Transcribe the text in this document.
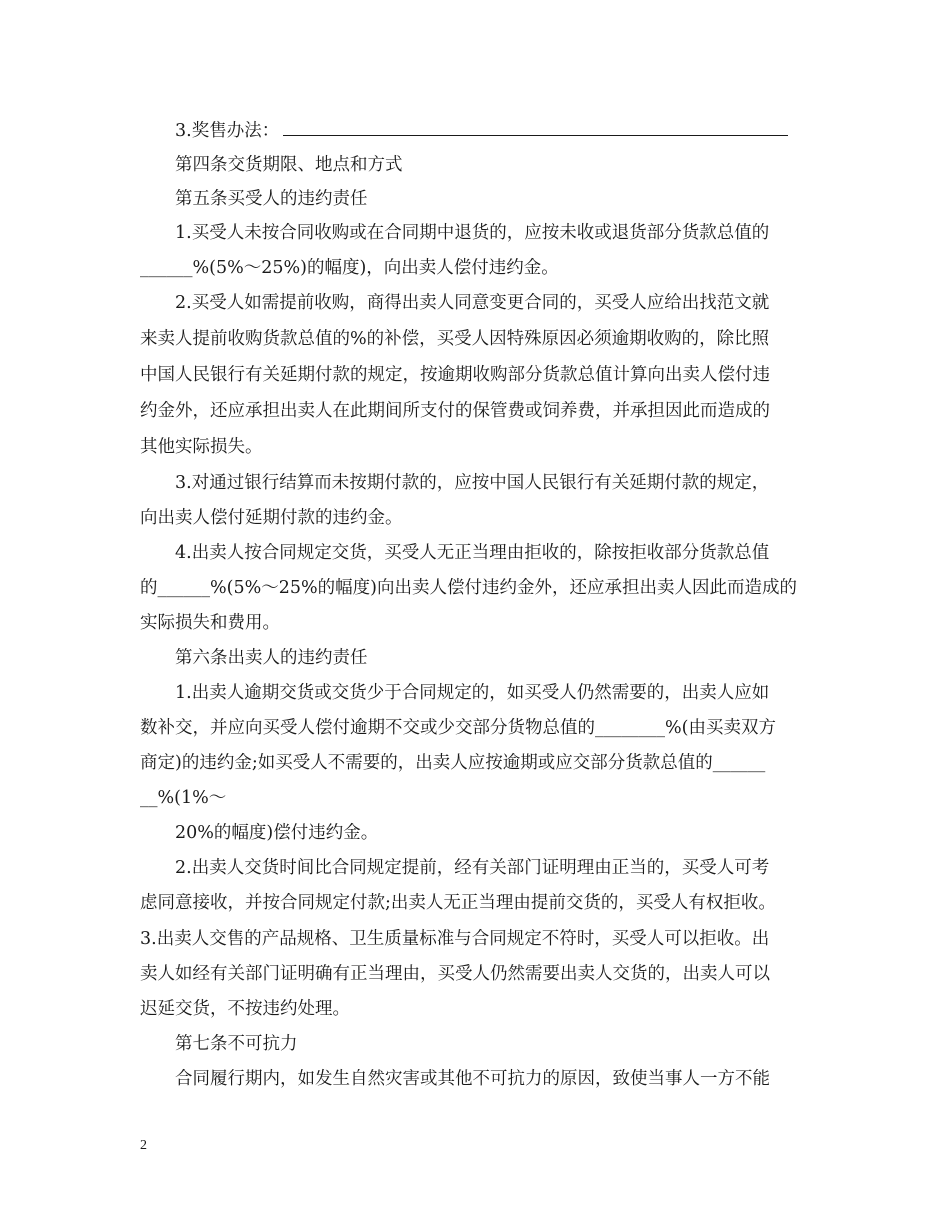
3.奖售办法：
第四条交货期限、地点和方式
第五条买受人的违约责任
1.买受人未按合同收购或在合同期中退货的，应按未收或退货部分货款总值的
______%(5%～25%)的幅度)，向出卖人偿付违约金。
2.买受人如需提前收购，商得出卖人同意变更合同的，买受人应给出找范文就
来卖人提前收购货款总值的%的补偿，买受人因特殊原因必须逾期收购的，除比照
中国人民银行有关延期付款的规定，按逾期收购部分货款总值计算向出卖人偿付违
约金外，还应承担出卖人在此期间所支付的保管费或饲养费，并承担因此而造成的
其他实际损失。
3.对通过银行结算而未按期付款的，应按中国人民银行有关延期付款的规定，
向出卖人偿付延期付款的违约金。
4.出卖人按合同规定交货，买受人无正当理由拒收的，除按拒收部分货款总值
的______%(5%～25%的幅度)向出卖人偿付违约金外，还应承担出卖人因此而造成的
实际损失和费用。
第六条出卖人的违约责任
1.出卖人逾期交货或交货少于合同规定的，如买受人仍然需要的，出卖人应如
数补交，并应向买受人偿付逾期不交或少交部分货物总值的________%(由买卖双方
商定)的违约金;如买受人不需要的，出卖人应按逾期或应交部分货款总值的______
__%(1%～
20%的幅度)偿付违约金。
2.出卖人交货时间比合同规定提前，经有关部门证明理由正当的，买受人可考
虑同意接收，并按合同规定付款;出卖人无正当理由提前交货的，买受人有权拒收。
3.出卖人交售的产品规格、卫生质量标准与合同规定不符时，买受人可以拒收。出
卖人如经有关部门证明确有正当理由，买受人仍然需要出卖人交货的，出卖人可以
迟延交货，不按违约处理。
第七条不可抗力
合同履行期内，如发生自然灾害或其他不可抗力的原因，致使当事人一方不能
2
